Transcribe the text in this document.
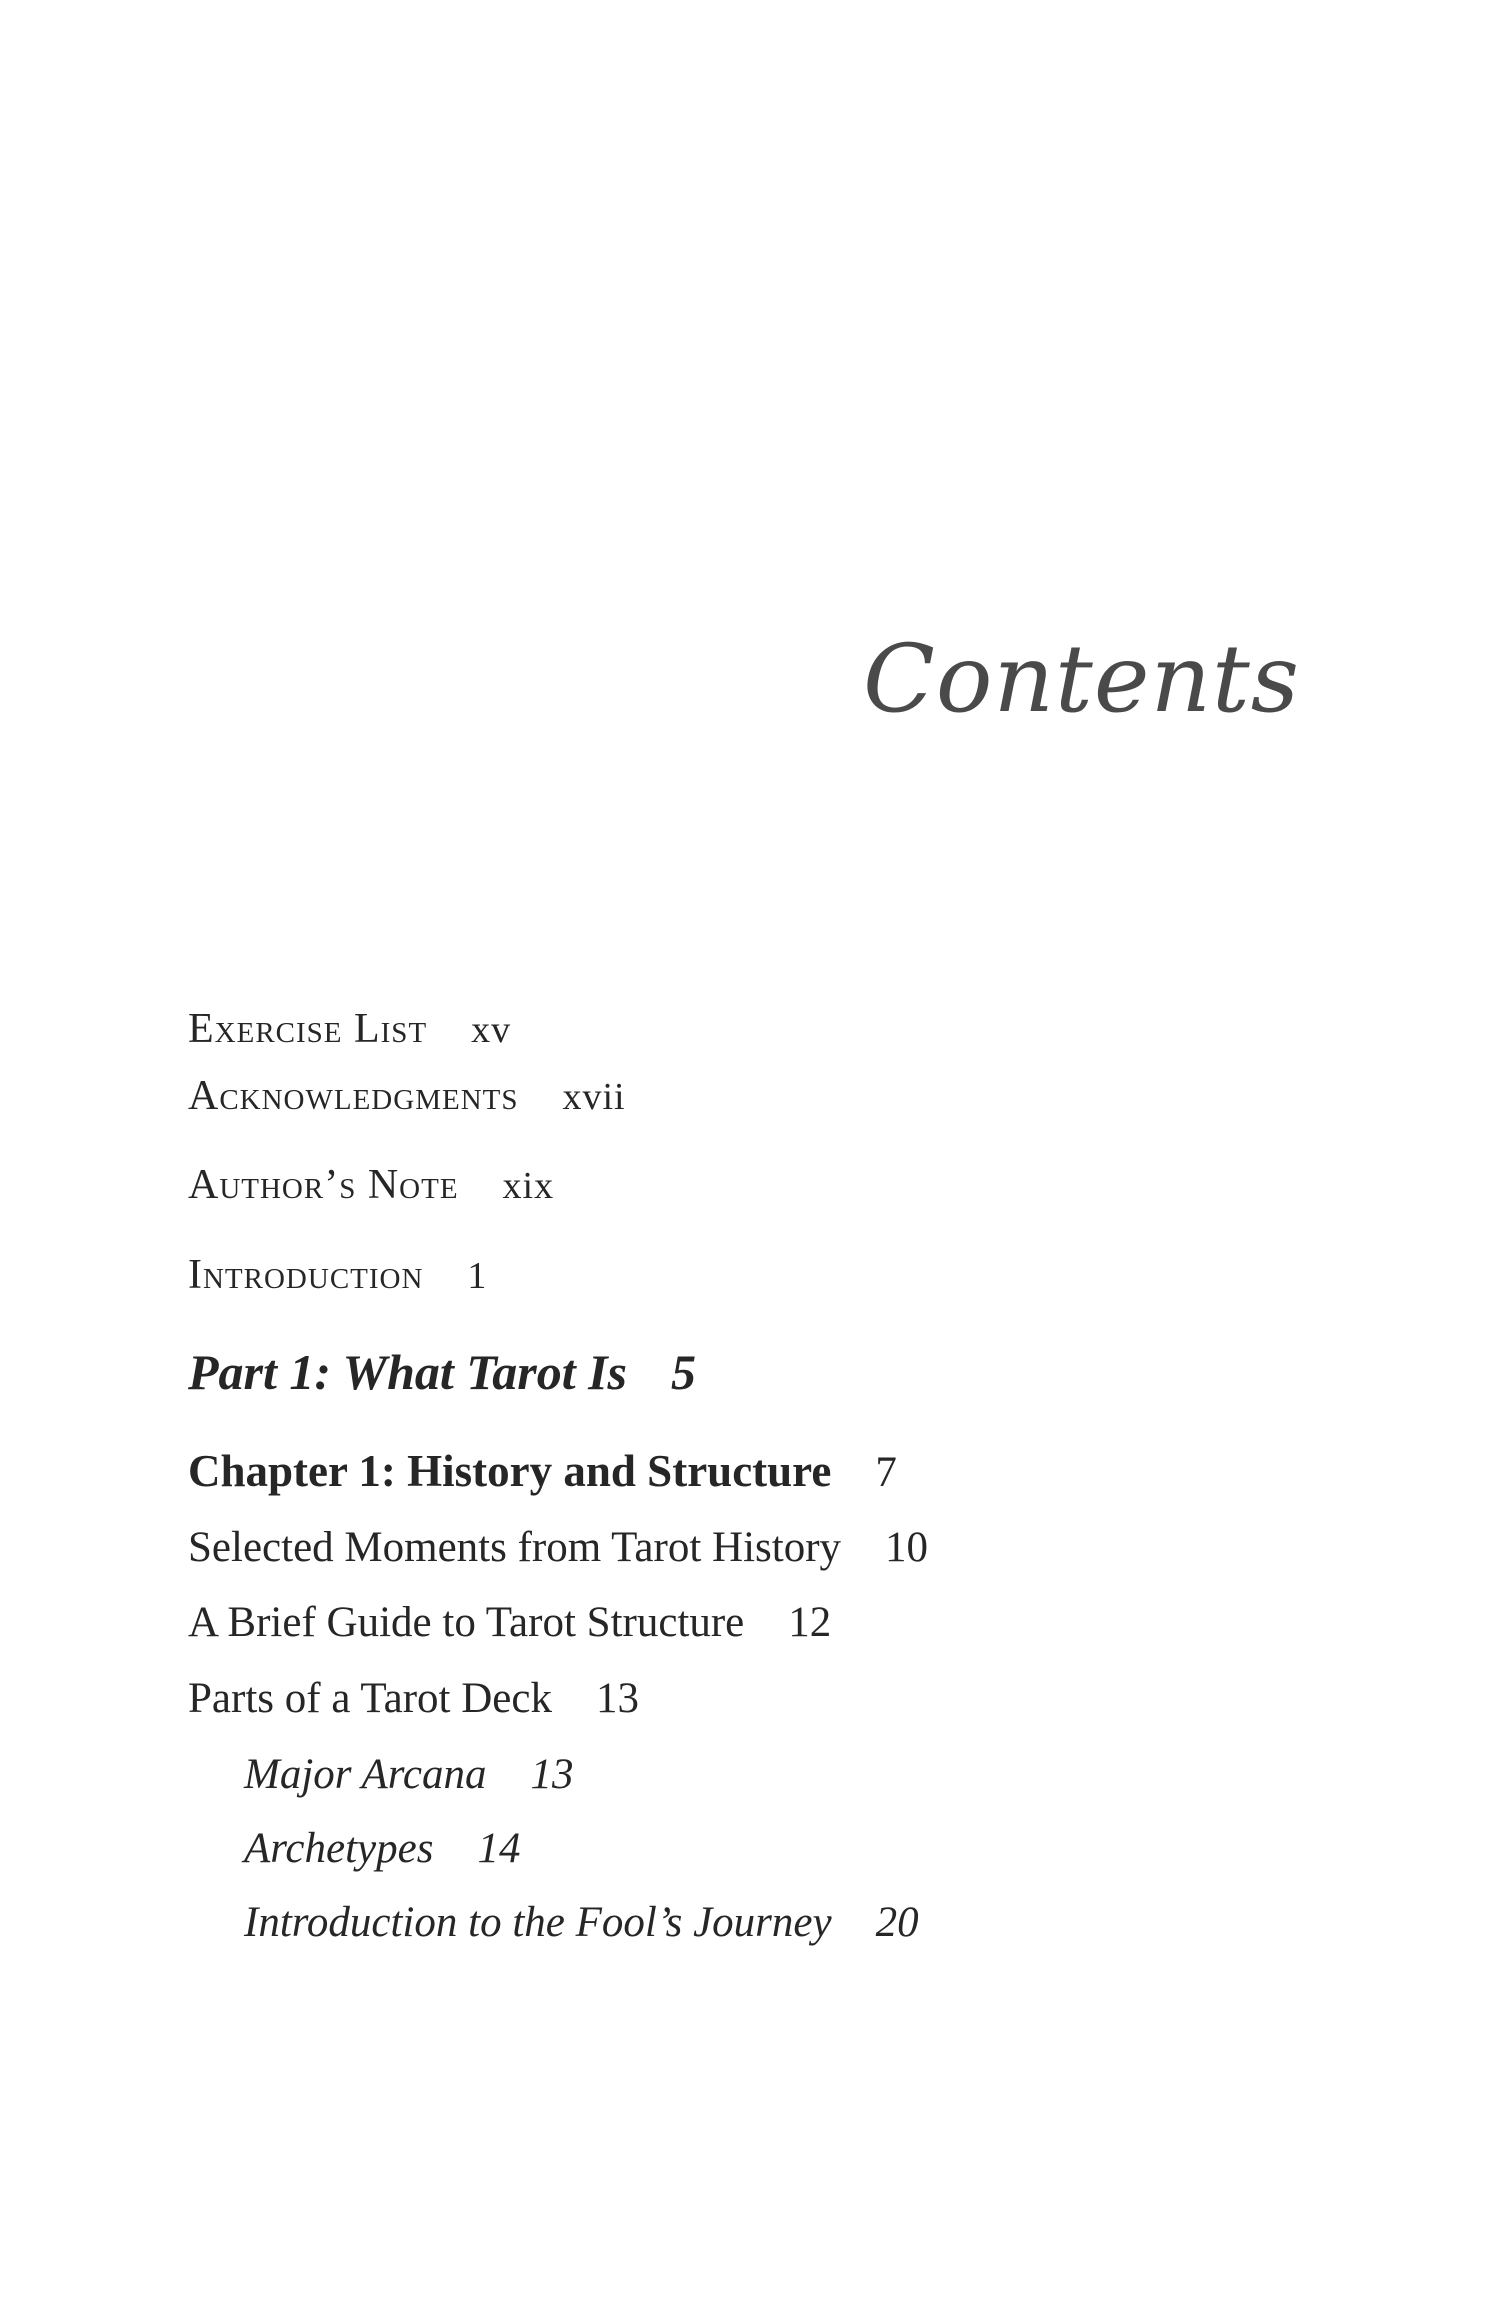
Contents
Exercise List xv
Acknowledgments xvii
Author’s Note xix
Introduction 1
Part 1: What Tarot Is 5
Chapter 1: History and Structure 7
Selected Moments from Tarot History 10
A Brief Guide to Tarot Structure 12
Parts of a Tarot Deck 13
Major Arcana 13
Archetypes 14
Introduction to the Fool’s Journey 20
